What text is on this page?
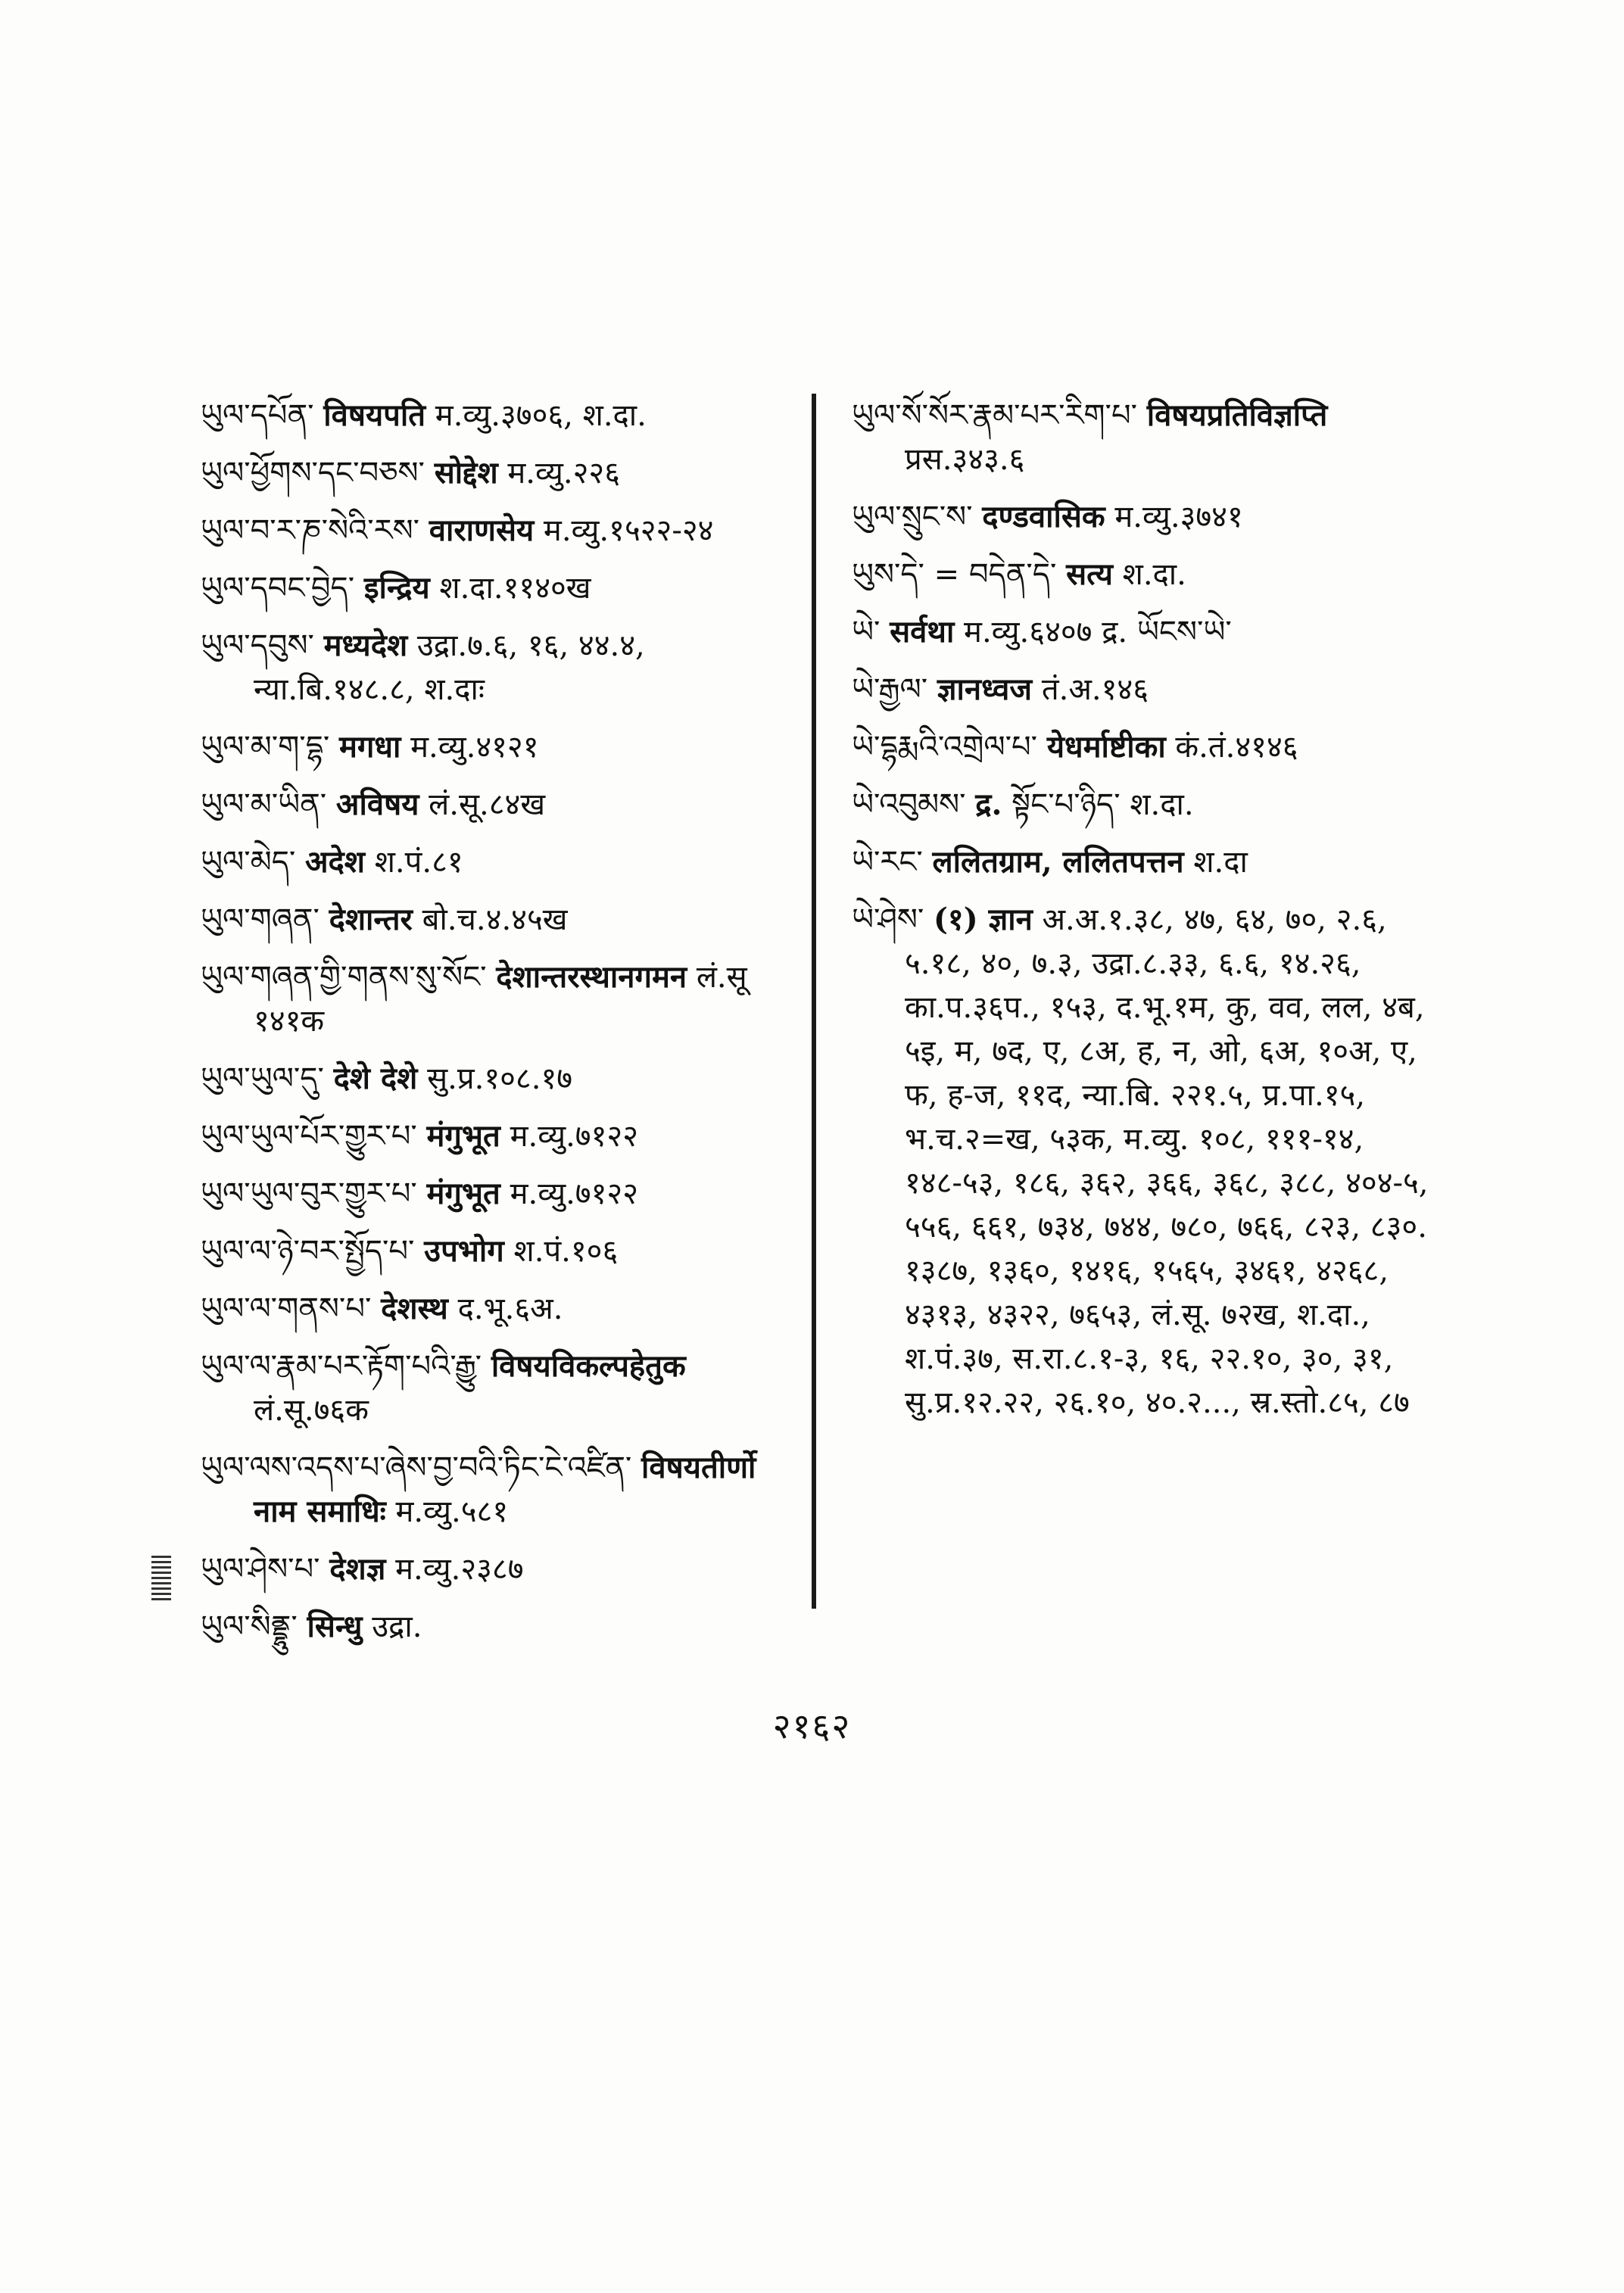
ཡུལ་དཔོན་ विषयपति म.व्यु.३७०६, श.दा.
ཡུལ་ཕྱོགས་དང་བཅས་ सोद्देश म.व्यु.२२६
ཡུལ་བ་ར་ཎ་སེའི་རས་ वाराणसेय म.व्यु.१५२२-२४
ཡུལ་དབང་བྱེད་ इन्द्रिय श.दा.११४०ख
ཡུལ་དབུས་ मध्यदेश उद्रा.७.६, १६, ४४.४, न्या.बि.१४८.८, श.दाः
ཡུལ་མ་ག་དྷ་ मगधा म.व्यु.४१२१
ཡུལ་མ་ཡིན་ अविषय लं.सू.८४ख
ཡུལ་མེད་ अदेश श.पं.८१
ཡུལ་གཞན་ देशान्तर बो.च.४.४५ख
ཡུལ་གཞན་གྱི་གནས་སུ་སོང་ देशान्तरस्थानगमन लं.सू १४१क
ཡུལ་ཡུལ་དུ་ देशे देशे सु.प्र.१०८.१७
ཡུལ་ཡུལ་པོར་གྱུར་པ་ मंगुभूत म.व्यु.७१२२
ཡུལ་ཡུལ་བུར་གྱུར་པ་ मंगुभूत म.व्यु.७१२२
ཡུལ་ལ་ཉེ་བར་སྤྱོད་པ་ उपभोग श.पं.१०६
ཡུལ་ལ་གནས་པ་ देशस्थ द.भू.६अ.
ཡུལ་ལ་རྣམ་པར་རྟོག་པའི་རྒྱུ་ विषयविकल्पहेतुक लं.सू.७६क
ཡུལ་ལས་འདས་པ་ཞེས་བྱ་བའི་ཏིང་ངེ་འཛིན་ विषयतीर्णो नाम समाधिः म.व्यु.५८१
ཡུལ་ཤེས་པ་ देशज्ञ म.व्यु.२३८७
ཡུལ་སིནྡྷུ་ सिन्धु उद्रा.
ཡུལ་སོ་སོར་རྣམ་པར་རིག་པ་ विषयप्रतिविज्ञप्ति प्रस.३४३.६
ཡུལ་སྲུང་ས་ दण्डवासिक म.व्यु.३७४१
ཡུས་དེ་ = བདེན་དེ་ सत्य श.दा.
ཡེ་ सर्वथा म.व्यु.६४०७ द्र. ཡོངས་ཡེ་
ཡེ་རྒྱལ་ ज्ञानध्वज तं.अ.१४६
ཡེ་དྷརྨའི་འགྲེལ་པ་ येधर्माष्टीका कं.तं.४१४६
ཡེ་འབུམས་ द्र. སྟོང་པ་ཉིད་ श.दा.
ཡེ་རང་ ललितग्राम, ललितपत्तन श.दा
ཡེ་ཤེས་ (१) ज्ञान अ.अ.१.३८, ४७, ६४, ७०, २.६, ५.१८, ४०, ७.३, उद्रा.८.३३, ६.६, १४.२६, का.प.३६प., १५३, द.भू.१म, कु, वव, लल, ४ब, ५इ, म, ७द, ए, ८अ, ह, न, ओ, ६अ, १०अ, ए, फ, ह-ज, ११द, न्या.बि. २२१.५, प्र.पा.१५, भ.च.२=ख, ५३क, म.व्यु. १०८, १११-१४, १४८-५३, १८६, ३६२, ३६६, ३६८, ३८८, ४०४-५, ५५६, ६६१, ७३४, ७४४, ७८०, ७६६, ८२३, ८३०. १३८७, १३६०, १४१६, १५६५, ३४६१, ४२६८, ४३१३, ४३२२, ७६५३, लं.सू. ७२ख, श.दा., श.पं.३७, स.रा.८.१-३, १६, २२.१०, ३०, ३१, सु.प्र.१२.२२, २६.१०, ४०.२..., स्र.स्तो.८५, ८७
२१६२
